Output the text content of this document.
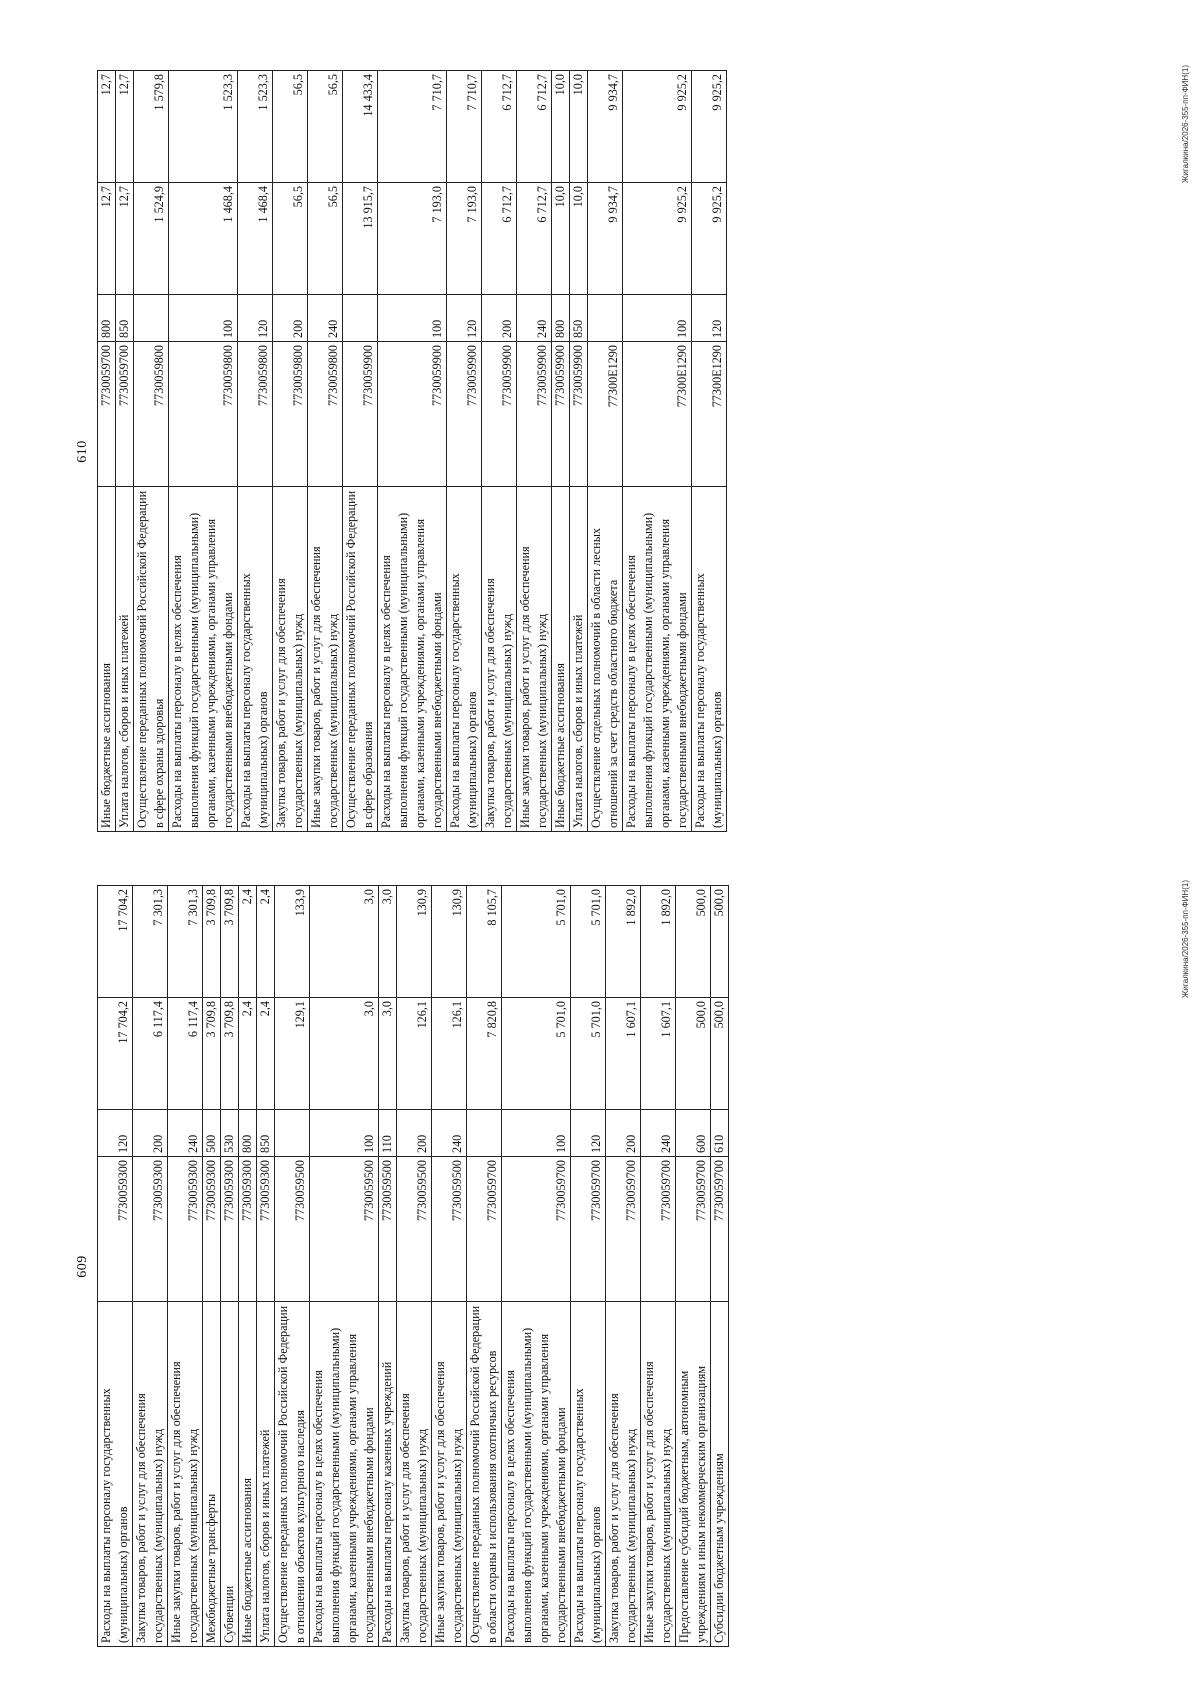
609
Расходы на выплаты персоналу государственных (муниципальных) органов	7730059300	120	17 704,2	17 704,2
Закупка товаров, работ и услуг для обеспечения государственных (муниципальных) нужд	7730059300	200	6 117,4	7 301,3
Иные закупки товаров, работ и услуг для обеспечения государственных (муниципальных) нужд	7730059300	240	6 117,4	7 301,3
Межбюджетные трансферты	7730059300	500	3 709,8	3 709,8
Субвенции	7730059300	530	3 709,8	3 709,8
Иные бюджетные ассигнования	7730059300	800	2,4	2,4
Уплата налогов, сборов и иных платежей	7730059300	850	2,4	2,4
Осуществление переданных полномочий Российской Федерации в отношении объектов культурного наследия	7730059500		129,1	133,9
Расходы на выплаты персоналу в целях обеспечения выполнения функций государственными (муниципальными) органами, казенными учреждениями, органами управления государственными внебюджетными фондами	7730059500	100	3,0	3,0
Расходы на выплаты персоналу казенных учреждений	7730059500	110	3,0	3,0
Закупка товаров, работ и услуг для обеспечения государственных (муниципальных) нужд	7730059500	200	126,1	130,9
Иные закупки товаров, работ и услуг для обеспечения государственных (муниципальных) нужд	7730059500	240	126,1	130,9
Осуществление переданных полномочий Российской Федерации в области охраны и использования охотничьих ресурсов	7730059700		7 820,8	8 105,7
Расходы на выплаты персоналу в целях обеспечения выполнения функций государственными (муниципальными) органами, казенными учреждениями, органами управления государственными внебюджетными фондами	7730059700	100	5 701,0	5 701,0
Расходы на выплаты персоналу государственных (муниципальных) органов	7730059700	120	5 701,0	5 701,0
Закупка товаров, работ и услуг для обеспечения государственных (муниципальных) нужд	7730059700	200	1 607,1	1 892,0
Иные закупки товаров, работ и услуг для обеспечения государственных (муниципальных) нужд	7730059700	240	1 607,1	1 892,0
Предоставление субсидий бюджетным, автономным учреждениям и иным некоммерческим организациям	7730059700	600	500,0	500,0
Субсидии бюджетным учреждениям	7730059700	610	500,0	500,0	Жигалкина/2026-355-пп-ФИН(1)
610
Иные бюджетные ассигнования	7730059700	800	12,7	12,7
Уплата налогов, сборов и иных платежей	7730059700	850	12,7	12,7
Осуществление переданных полномочий Российской Федерации в сфере охраны здоровья	7730059800		1 524,9	1 579,8
Расходы на выплаты персоналу в целях обеспечения выполнения функций государственными (муниципальными) органами, казенными учреждениями, органами управления государственными внебюджетными фондами	7730059800	100	1 468,4	1 523,3
Расходы на выплаты персоналу государственных (муниципальных) органов	7730059800	120	1 468,4	1 523,3
Закупка товаров, работ и услуг для обеспечения государственных (муниципальных) нужд	7730059800	200	56,5	56,5
Иные закупки товаров, работ и услуг для обеспечения государственных (муниципальных) нужд	7730059800	240	56,5	56,5
Осуществление переданных полномочий Российской Федерации в сфере образования	7730059900		13 915,7	14 433,4
Расходы на выплаты персоналу в целях обеспечения выполнения функций государственными (муниципальными) органами, казенными учреждениями, органами управления государственными внебюджетными фондами	7730059900	100	7 193,0	7 710,7
Расходы на выплаты персоналу государственных (муниципальных) органов	7730059900	120	7 193,0	7 710,7
Закупка товаров, работ и услуг для обеспечения государственных (муниципальных) нужд	7730059900	200	6 712,7	6 712,7
Иные закупки товаров, работ и услуг для обеспечения государственных (муниципальных) нужд	7730059900	240	6 712,7	6 712,7
Иные бюджетные ассигнования	7730059900	800	10,0	10,0
Уплата налогов, сборов и иных платежей	7730059900	850	10,0	10,0
Осуществление отдельных полномочий в области лесных отношений за счет средств областного бюджета	77300E1290		9 934,7	9 934,7
Расходы на выплаты персоналу в целях обеспечения выполнения функций государственными (муниципальными) органами, казенными учреждениями, органами управления государственными внебюджетными фондами	77300E1290	100	9 925,2	9 925,2
Расходы на выплаты персоналу государственных (муниципальных) органов	77300E1290	120	9 925,2	9 925,2	Жигалкина/2026-355-пп-ФИН(1)
